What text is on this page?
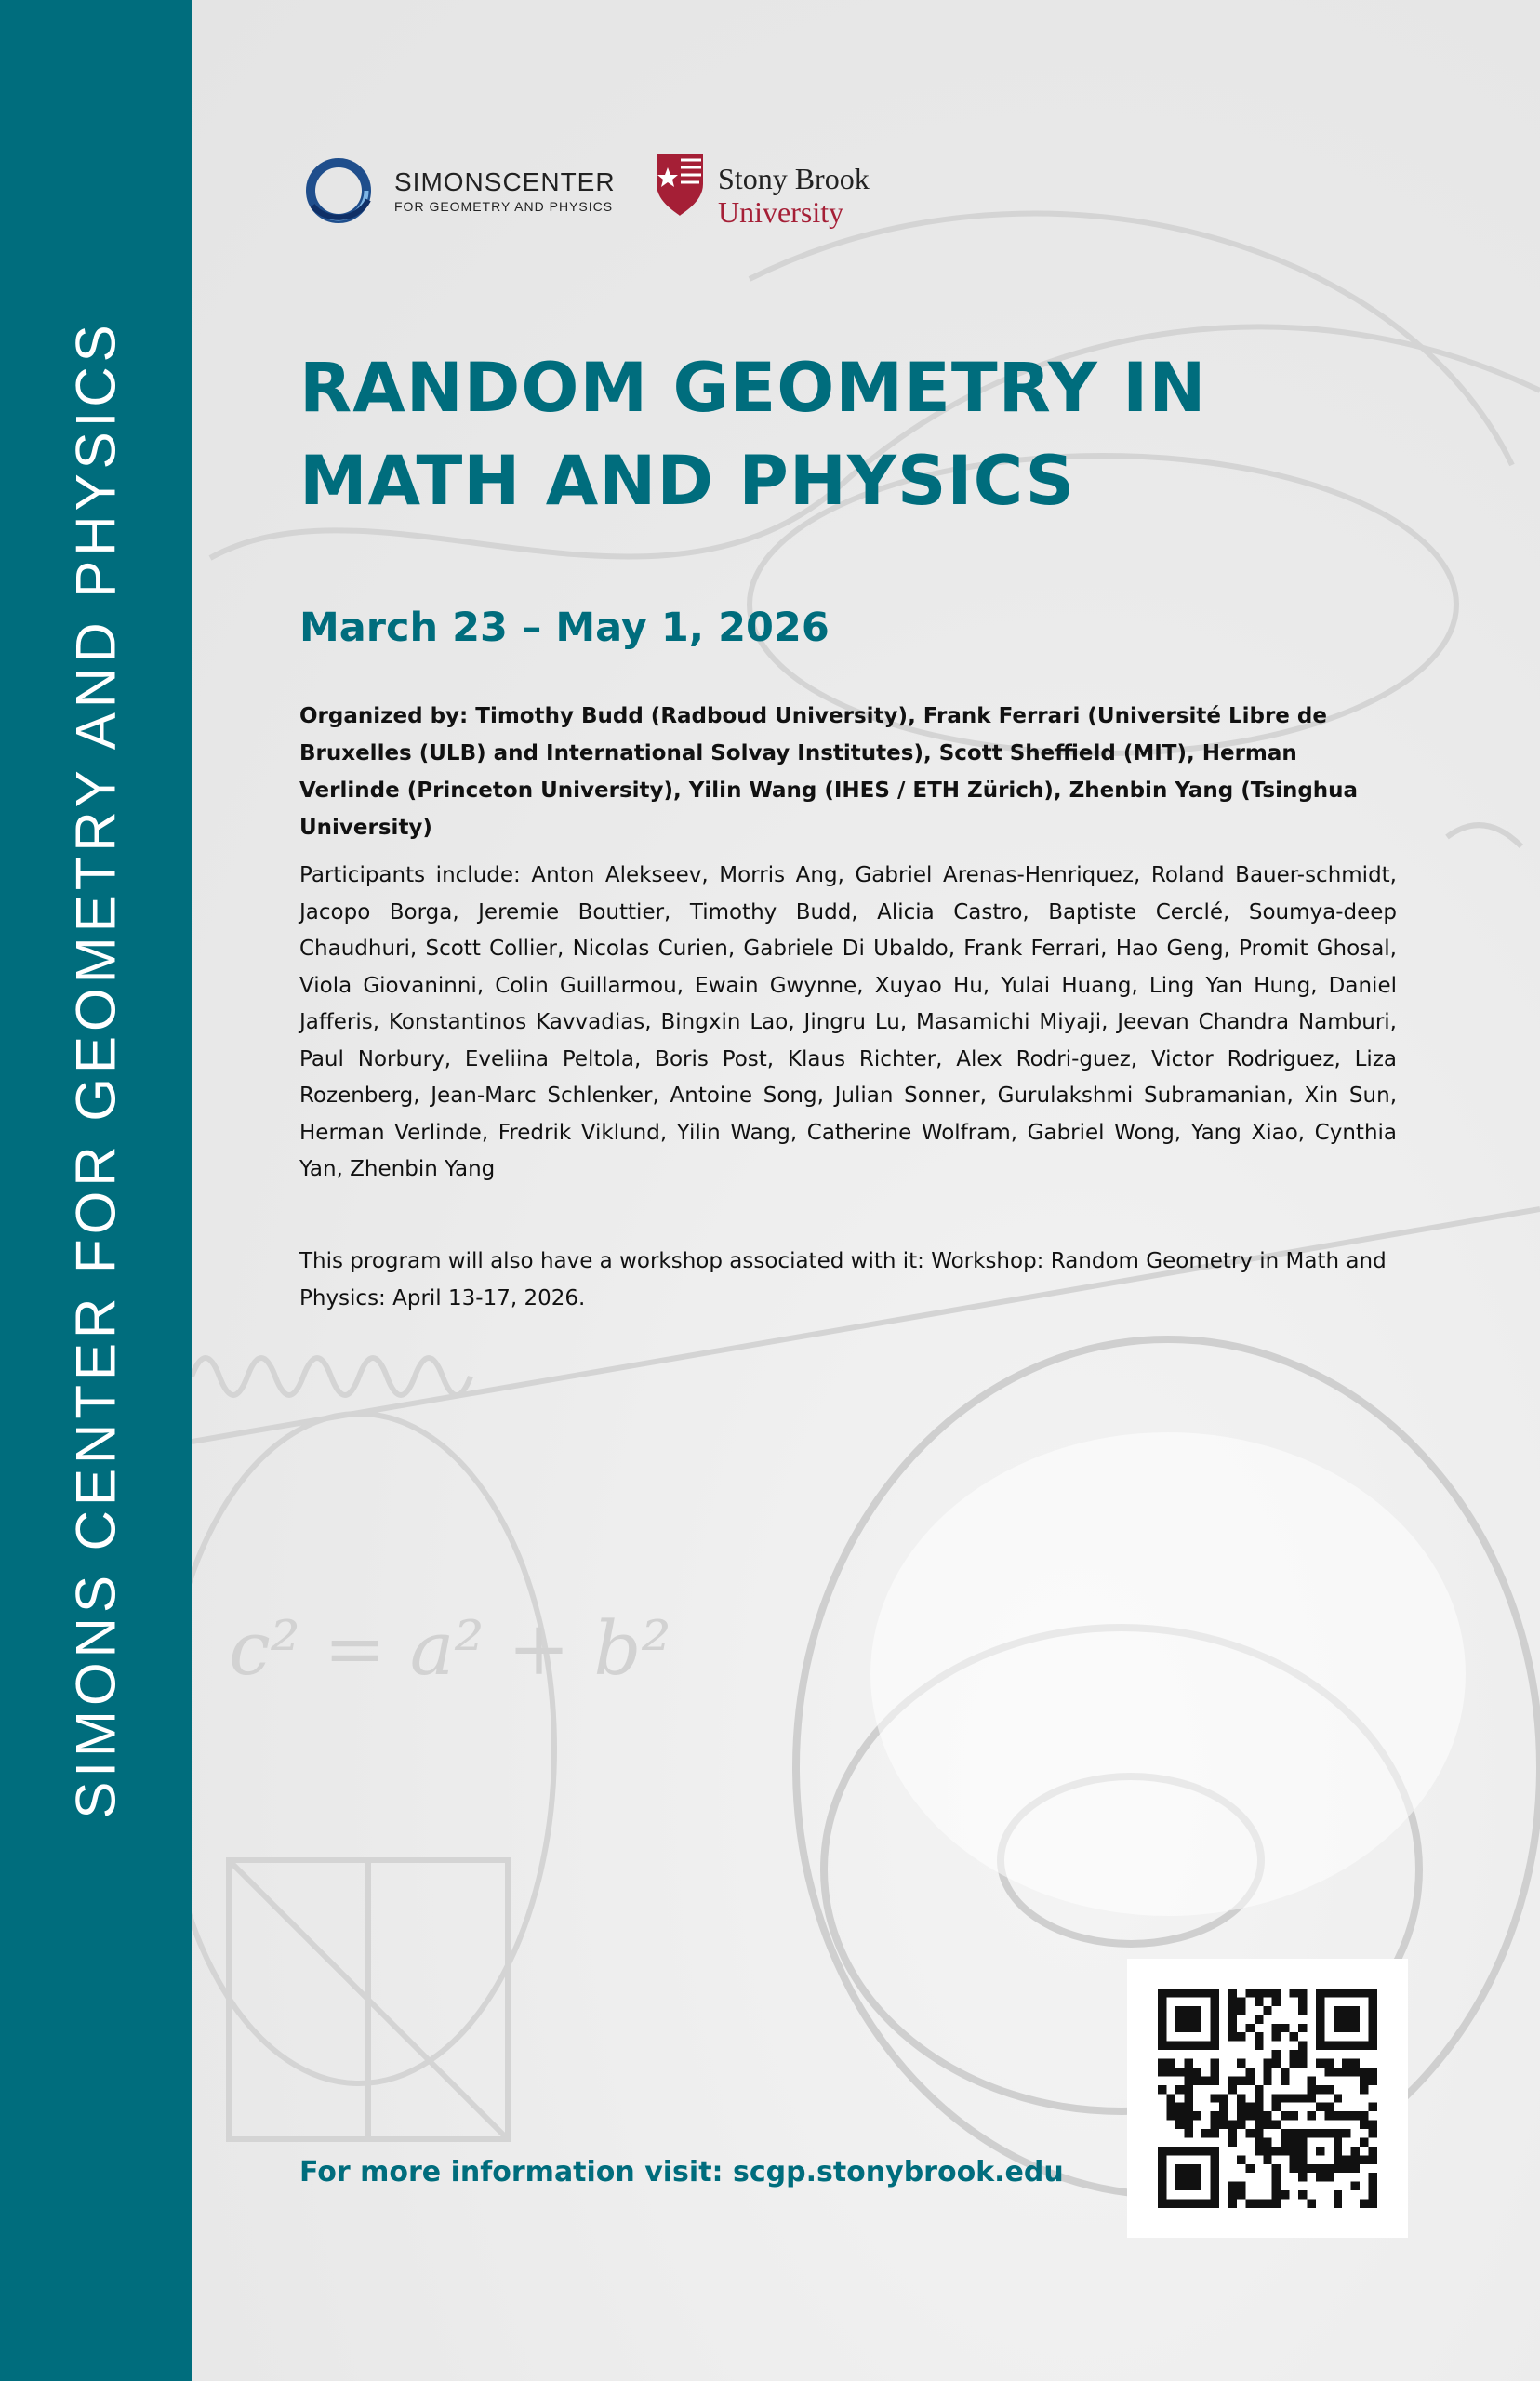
c² = a² + b²
SIMONS CENTER FOR GEOMETRY AND PHYSICS
SIMONSCENTER
FOR GEOMETRY AND PHYSICS
Stony Brook
University
RANDOM GEOMETRY IN MATH AND PHYSICS

March 23 – May 1, 2026

Organized by: Timothy Budd (Radboud University), Frank Ferrari (Université Libre de Bruxelles (ULB) and International Solvay Institutes), Scott Sheffield (MIT), Herman Verlinde (Princeton University), Yilin Wang (IHES / ETH Zürich), Zhenbin Yang (Tsinghua University)

Participants include: Anton Alekseev, Morris Ang, Gabriel Arenas-Henriquez, Roland Bauer-schmidt, Jacopo Borga, Jeremie Bouttier, Timothy Budd, Alicia Castro, Baptiste Cerclé, Soumya-deep Chaudhuri, Scott Collier, Nicolas Curien, Gabriele Di Ubaldo, Frank Ferrari, Hao Geng, Promit Ghosal, Viola Giovaninni, Colin Guillarmou, Ewain Gwynne, Xuyao Hu, Yulai Huang, Ling Yan Hung, Daniel Jafferis, Konstantinos Kavvadias, Bingxin Lao, Jingru Lu, Masamichi Miyaji, Jeevan Chandra Namburi, Paul Norbury, Eveliina Peltola, Boris Post, Klaus Richter, Alex Rodri-guez, Victor Rodriguez, Liza Rozenberg, Jean-Marc Schlenker, Antoine Song, Julian Sonner, Gurulakshmi Subramanian, Xin Sun, Herman Verlinde, Fredrik Viklund, Yilin Wang, Catherine Wolfram, Gabriel Wong, Yang Xiao, Cynthia Yan, Zhenbin Yang

This program will also have a workshop associated with it: Workshop: Random Geometry in Math and Physics: April 13-17, 2026.

For more information visit: scgp.stonybrook.edu
